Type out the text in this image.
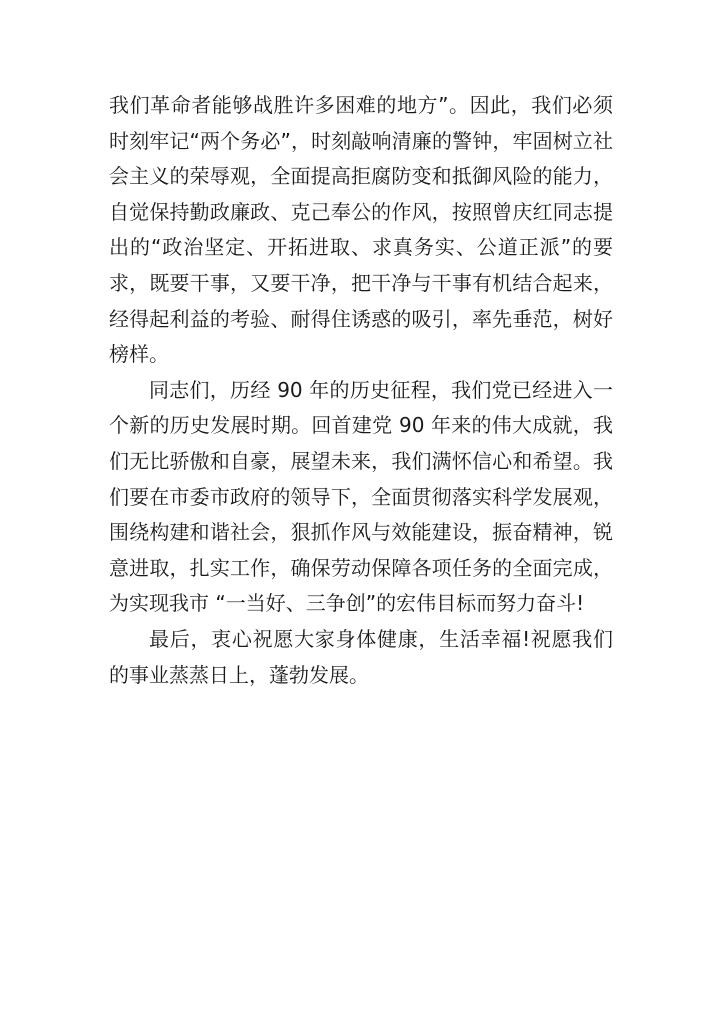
我们革命者能够战胜许多困难的地方”。因此，我们必须时刻牢记“两个务必”，时刻敲响清廉的警钟，牢固树立社会主义的荣辱观，全面提高拒腐防变和抵御风险的能力，自觉保持勤政廉政、克己奉公的作风，按照曾庆红同志提出的“政治坚定、开拓进取、求真务实、公道正派”的要求，既要干事，又要干净，把干净与干事有机结合起来，经得起利益的考验、耐得住诱惑的吸引，率先垂范，树好榜样。

同志们，历经 90 年的历史征程，我们党已经进入一个新的历史发展时期。回首建党 90 年来的伟大成就，我们无比骄傲和自豪，展望未来，我们满怀信心和希望。我们要在市委市政府的领导下，全面贯彻落实科学发展观，围绕构建和谐社会，狠抓作风与效能建设，振奋精神，锐意进取，扎实工作，确保劳动保障各项任务的全面完成，为实现我市 “一当好、三争创”的宏伟目标而努力奋斗!

最后，衷心祝愿大家身体健康，生活幸福!祝愿我们的事业蒸蒸日上，蓬勃发展。
